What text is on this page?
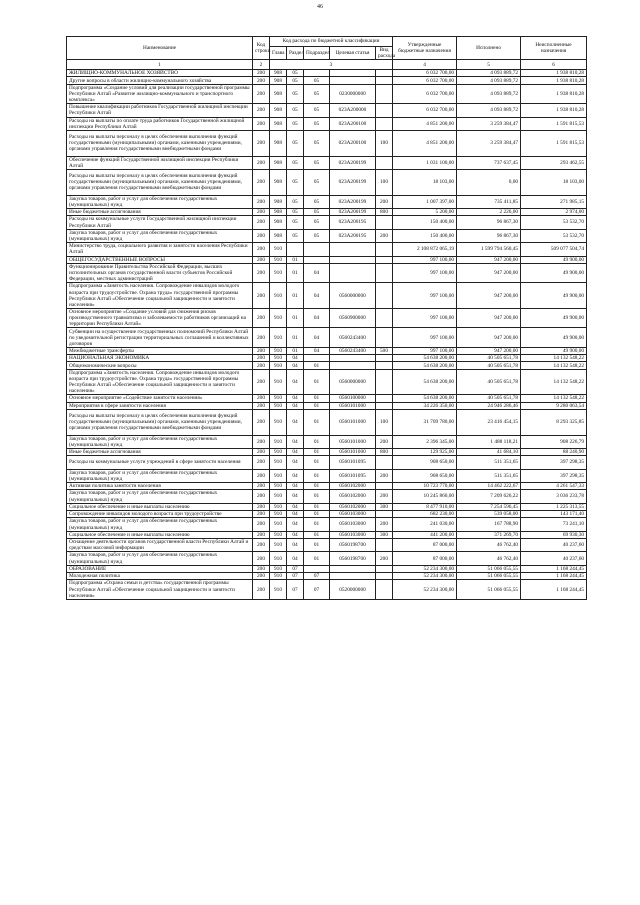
46
Наименование	Код строки	Код расхода по бюджетной классификации					Утвержденные бюджетные назначения	Исполнено	Неисполненные назначения
		Глава	Раздел	Подраздел	Целевая статья	Вид расхода			
1	2	3					4	5	6
ЖИЛИЩНО-КОММУНАЛЬНОЕ ХОЗЯЙСТВО	200	908	05				6 032 700,00	4 093 889,72	1 938 810,28
Другие вопросы в области жилищно-коммунального хозяйства	200	908	05	05			6 032 700,00	4 093 889,72	1 938 810,28
Подпрограмма «Создание условий для реализации государственной программы Республики Алтай «Развитие жилищно-коммунального и транспортного комплекса»	200	908	05	05	0230000000		6 032 700,00	4 093 889,72	1 938 810,28
Повышение квалификации работников Государственной жилищной инспекции Республики Алтай	200	908	05	05	023A200000		6 032 700,00	4 093 889,72	1 938 810,28
Расходы на выплаты по оплате труда работников Государственной жилищной инспекции Республики Алтай	200	908	05	05	023A200100		4 851 200,00	3 259 384,47	1 591 815,53
Расходы на выплаты персоналу в целях обеспечения выполнения функций государственными (муниципальными) органами, казенными учреждениями, органами управления государственными внебюджетными фондами	200	908	05	05	023A200100	100	4 851 200,00	3 259 384,47	1 591 815,53
Обеспечение функций Государственной жилищной инспекции Республики Алтай	200	908	05	05	023A200199		1 031 100,00	737 637,45	293 462,55
Расходы на выплаты персоналу в целях обеспечения выполнения функций государственными (муниципальными) органами, казенными учреждениями, органами управления государственными внебюджетными фондами	200	908	05	05	023A200199	100	18 103,00	0,00	18 103,00
Закупка товаров, работ и услуг для обеспечения государственных (муниципальных) нужд	200	908	05	05	023A200199	200	1 007 397,00	735 411,85	271 985,15
Иные бюджетные ассигнования	200	908	05	05	023A200199	800	5 200,00	2 226,00	2 974,00
Расходы на коммунальные услуги Государственной жилищной инспекции Республики Алтай	200	908	05	05	023A200195		150 400,00	96 867,30	53 532,70
Закупка товаров, работ и услуг для обеспечения государственных (муниципальных) нужд	200	908	05	05	023A200195	200	150 400,00	96 867,30	53 532,70
Министерство труда, социального развития и занятости населения Республики Алтай	200	910					2 108 872 065,19	1 599 794 560,45	509 077 504,74
ОБЩЕГОСУДАРСТВЕННЫЕ ВОПРОСЫ	200	910	01				997 100,00	947 200,00	49 900,00
Функционирование Правительства Российской Федерации, высших исполнительных органов государственной власти субъектов Российской Федерации, местных администраций	200	910	01	04			997 100,00	947 200,00	49 900,00
Подпрограмма «Занятость населения. Сопровождение инвалидов молодого возраста при трудоустройстве. Охрана труда» государственной программы Республики Алтай «Обеспечение социальной защищенности и занятости населения»	200	910	01	04	0560000000		997 100,00	947 200,00	49 900,00
Основное мероприятие «Создание условий для снижения рисков производственного травматизма и заболеваемости работников организаций на территории Республики Алтай»	200	910	01	04	0560900000		997 100,00	947 200,00	49 900,00
Субвенции на осуществление государственных полномочий Республики Алтай по уведомительной регистрации территориальных соглашений и коллективных договоров	200	910	01	04	0560243400		997 100,00	947 200,00	49 900,00
Межбюджетные трансферты	200	910	01	04	0560243400	500	997 100,00	947 200,00	49 900,00
НАЦИОНАЛЬНАЯ ЭКОНОМИКА	200	910	04				54 638 200,00	40 505 651,78	14 132 548,22
Общеэкономические вопросы	200	910	04	01			54 638 200,00	40 505 651,78	14 132 548,22
Подпрограмма «Занятость населения. Сопровождение инвалидов молодого возраста при трудоустройстве. Охрана труда» государственной программы Республики Алтай «Обеспечение социальной защищенности и занятости населения»	200	910	04	01	0560000000		54 638 200,00	40 505 651,78	14 132 548,22
Основное мероприятие «Содействие занятости населения»	200	910	04	01	0560100000		54 638 200,00	40 505 651,78	14 132 548,22
Мероприятия в сфере занятости населения	200	910	04	01	0560101000		34 226 350,00	24 946 286,46	9 280 063,54
Расходы на выплаты персоналу в целях обеспечения выполнения функций государственными (муниципальными) органами, казенными учреждениями, органами управления государственными внебюджетными фондами	200	910	04	01	0560101000	100	31 709 780,00	23 416 454,15	8 293 325,85
Закупка товаров, работ и услуг для обеспечения государственных (муниципальных) нужд	200	910	04	01	0560101000	200	2 396 345,00	1 488 118,21	908 226,79
Иные бюджетные ассигнования	200	910	04	01	0560101000	800	129 925,00	41 684,10	88 240,90
Расходы на коммунальные услуги учреждений в сфере занятости населения	200	910	04	01	0560101095		908 650,00	511 351,65	397 298,35
Закупка товаров, работ и услуг для обеспечения государственных (муниципальных) нужд	200	910	04	01	0560101095	200	908 650,00	511 351,65	397 298,35
Активная политика занятости населения	200	910	04	01	0560102000		10 723 770,00	14 462 222,67	4 261 547,33
Закупка товаров, работ и услуг для обеспечения государственных (муниципальных) нужд	200	910	04	01	0560102000	200	10 245 860,00	7 209 626,22	3 036 233,78
Социальное обеспечение и иные выплаты населению	200	910	04	01	0560102000	300	8 477 910,00	7 254 596,45	1 225 313,55
Сопровождение инвалидов молодого возраста при трудоустройстве	200	910	04	01	0560103000		682 230,00	539 058,00	143 171,40
Закупка товаров, работ и услуг для обеспечения государственных (муниципальных) нужд	200	910	04	01	0560103000	200	241 030,00	167 788,90	73 241,10
Социальное обеспечение и иные выплаты населению	200	910	04	01	0560103000	300	441 200,00	371 269,70	69 930,30
Оснащение деятельности органов государственной власти Республики Алтай и средствам массовой информации	200	910	04	01	0560198700		87 000,00	46 762,40	40 237,60
Закупка товаров, работ и услуг для обеспечения государственных (муниципальных) нужд	200	910	04	01	0560198700	200	87 000,00	46 762,40	40 237,60
ОБРАЗОВАНИЕ	200	910	07				52 234 300,00	51 066 055,55	1 168 244,45
Молодежная политика	200	910	07	07			52 234 300,00	51 066 055,55	1 168 244,45
Подпрограмма «Охрана семьи и детства» государственной программы Республики Алтай «Обеспечение социальной защищенности и занятости населения»	200	910	07	07	0520000000		52 234 300,00	51 066 055,55	1 168 244,45
